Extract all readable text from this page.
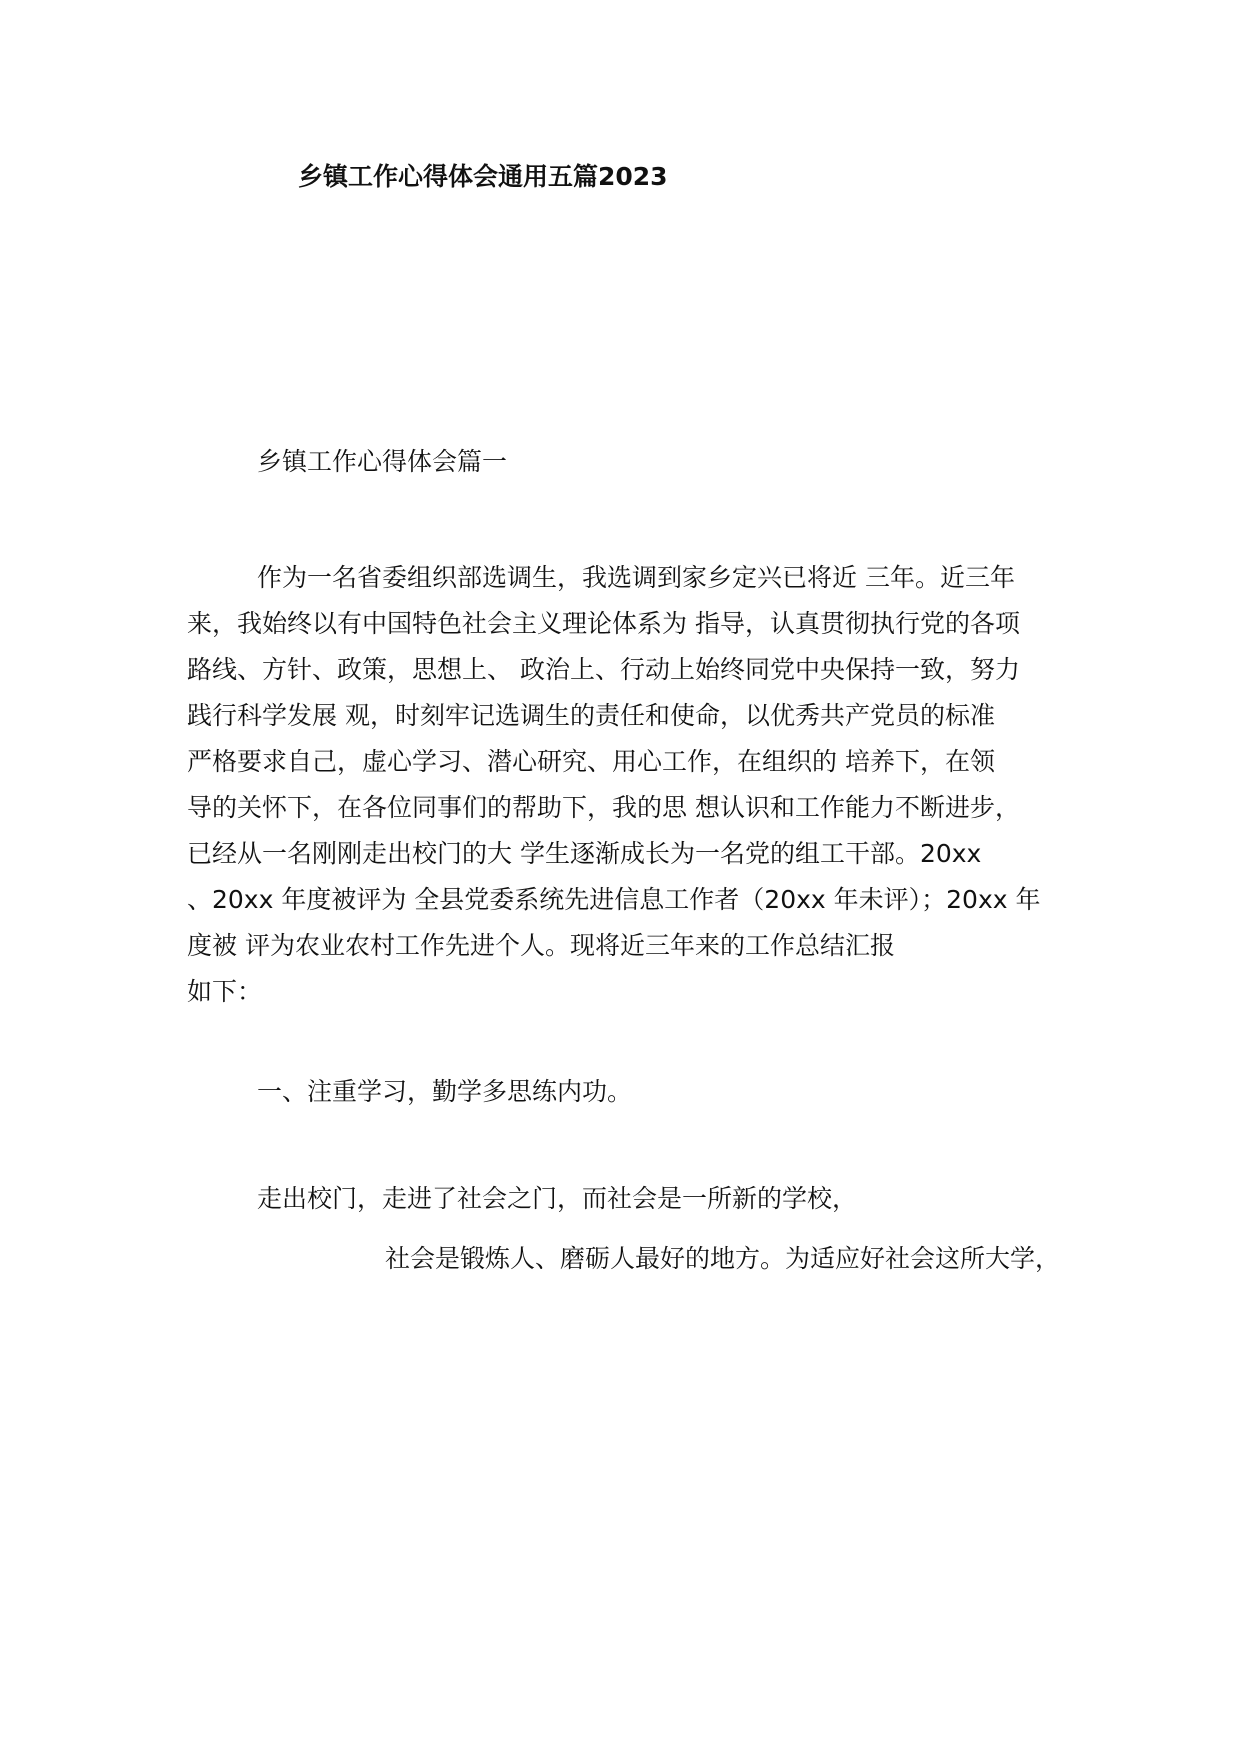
乡镇工作心得体会通用五篇2023
乡镇工作心得体会篇一
作为一名省委组织部选调生，我选调到家乡定兴已将近 三年。近三年
来，我始终以有中国特色社会主义理论体系为 指导，认真贯彻执行党的各项
路线、方针、政策，思想上、 政治上、行动上始终同党中央保持一致，努力
践行科学发展 观，时刻牢记选调生的责任和使命，以优秀共产党员的标准
严格要求自己，虚心学习、潜心研究、用心工作，在组织的 培养下，在领
导的关怀下，在各位同事们的帮助下，我的思 想认识和工作能力不断进步，
已经从一名刚刚走出校门的大 学生逐渐成长为一名党的组工干部。20xx
、20xx 年度被评为 全县党委系统先进信息工作者（20xx 年未评）；20xx 年
度被 评为农业农村工作先进个人。现将近三年来的工作总结汇报
如下：
一、注重学习，勤学多思练内功。
走出校门，走进了社会之门，而社会是一所新的学校，
社会是锻炼人、磨砺人最好的地方。为适应好社会这所大学，
